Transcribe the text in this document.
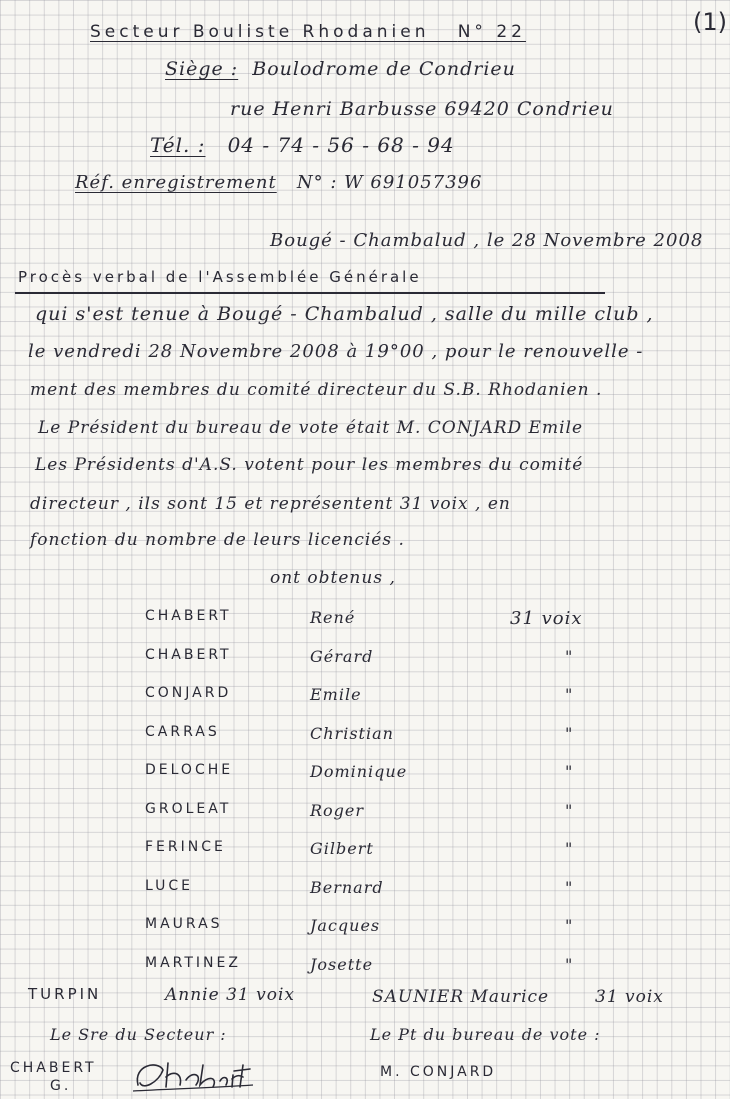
(1)
Secteur Bouliste Rhodanien N° 22
Siège : Boulodrome de Condrieu
rue Henri Barbusse 69420 Condrieu
Tél. : 04 - 74 - 56 - 68 - 94
Réf. enregistrement N° : W 691057396
Bougé - Chambalud , le 28 Novembre 2008
Procès verbal de l'Assemblée Générale
qui s'est tenue à Bougé - Chambalud , salle du mille club ,
le vendredi 28 Novembre 2008 à 19°00 , pour le renouvelle -
ment des membres du comité directeur du S.B. Rhodanien .
Le Président du bureau de vote était M. CONJARD Emile
Les Présidents d'A.S. votent pour les membres du comité
directeur , ils sont 15 et représentent 31 voix , en
fonction du nombre de leurs licenciés .
ont obtenus ,
CHABERT	René	31 voix
CHABERT	Gérard	"
CONJARD	Emile	"
CARRAS	Christian	"
DELOCHE	Dominique	"
GROLEAT	Roger	"
FERINCE	Gilbert	"
LUCE	Bernard	"
MAURAS	Jacques	"
MARTINEZ	Josette	"
TURPIN	Annie 31 voix	SAUNIER Maurice	31 voix
Le Sre du Secteur :	Le Pt du bureau de vote :
CHABERT
G.
M. CONJARD
